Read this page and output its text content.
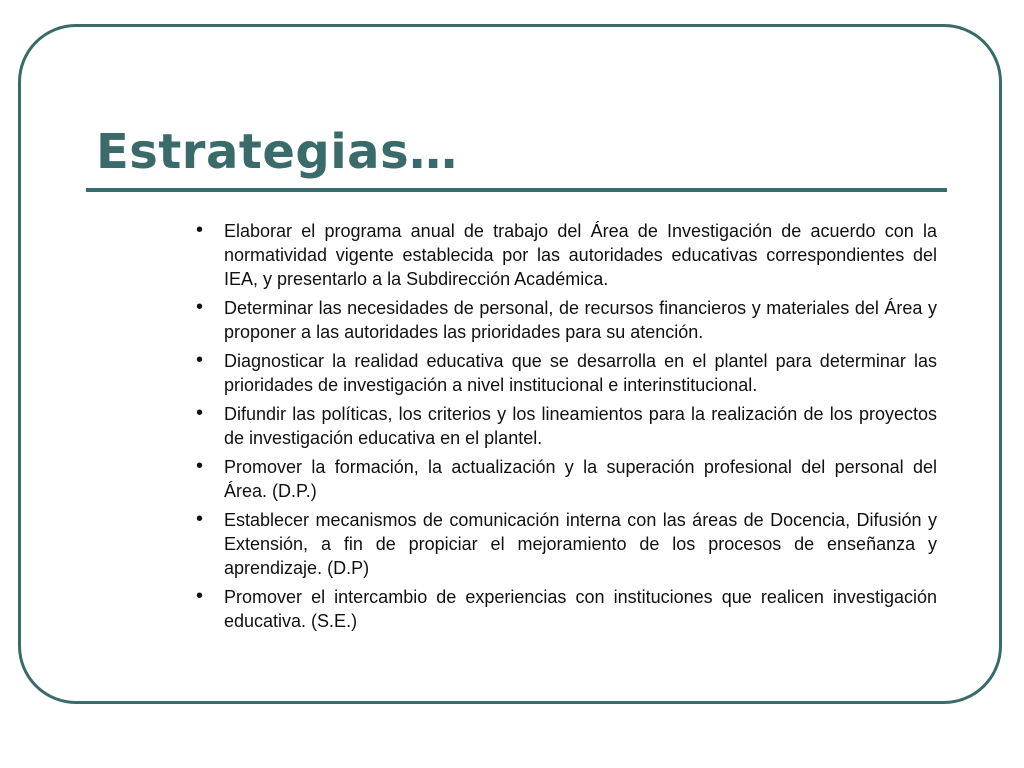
Estrategias…
•	Elaborar el programa anual de trabajo del Área de Investigación de acuerdo con la normatividad vigente establecida por las autoridades educativas correspondientes del IEA, y presentarlo a la Subdirección Académica.
•	Determinar las necesidades de personal, de recursos financieros y materiales del Área y proponer a las autoridades las prioridades para su atención.
•	Diagnosticar la realidad educativa que se desarrolla en el plantel para determinar las prioridades de investigación a nivel institucional e interinstitucional.
•	Difundir las políticas, los criterios y los lineamientos para la realización de los proyectos de investigación educativa en el plantel.
•	Promover la formación, la actualización y la superación profesional del personal del Área. (D.P.)
•	Establecer mecanismos de comunicación interna con las áreas de Docencia, Difusión y Extensión, a fin de propiciar el mejoramiento de los procesos de enseñanza y aprendizaje. (D.P)
•	Promover el intercambio de experiencias con instituciones que realicen investigación educativa. (S.E.)
